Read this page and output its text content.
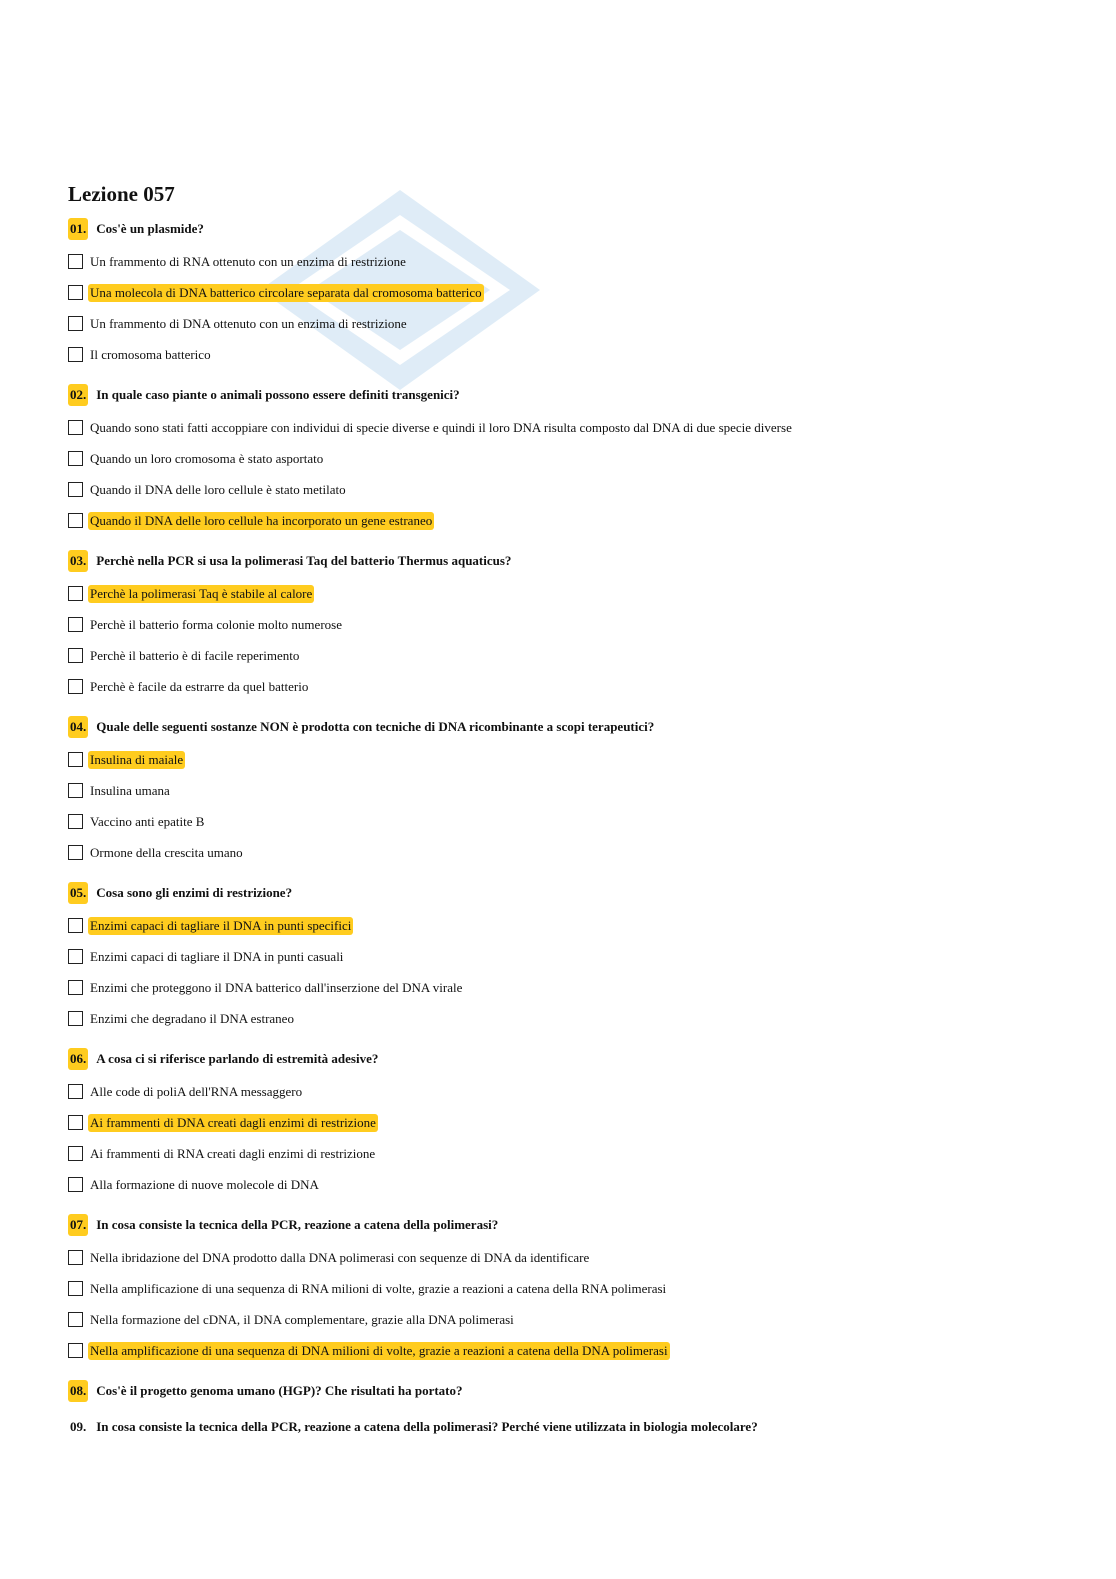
Lezione 057
01. Cos'è un plasmide?
Un frammento di RNA ottenuto con un enzima di restrizione
Una molecola di DNA batterico circolare separata dal cromosoma batterico
Un frammento di DNA ottenuto con un enzima di restrizione
Il cromosoma batterico
02. In quale caso piante o animali possono essere definiti transgenici?
Quando sono stati fatti accoppiare con individui di specie diverse e quindi il loro DNA risulta composto dal DNA di due specie diverse
Quando un loro cromosoma è stato asportato
Quando il DNA delle loro cellule è stato metilato
Quando il DNA delle loro cellule ha incorporato un gene estraneo
03. Perchè nella PCR si usa la polimerasi Taq del batterio Thermus aquaticus?
Perchè la polimerasi Taq è stabile al calore
Perchè il batterio forma colonie molto numerose
Perchè il batterio è di facile reperimento
Perchè è facile da estrarre da quel batterio
04. Quale delle seguenti sostanze NON è prodotta con tecniche di DNA ricombinante a scopi terapeutici?
Insulina di maiale
Insulina umana
Vaccino anti epatite B
Ormone della crescita umano
05. Cosa sono gli enzimi di restrizione?
Enzimi capaci di tagliare il DNA in punti specifici
Enzimi capaci di tagliare il DNA in punti casuali
Enzimi che proteggono il DNA batterico dall'inserzione del DNA virale
Enzimi che degradano il DNA estraneo
06. A cosa ci si riferisce parlando di estremità adesive?
Alle code di poliA dell'RNA messaggero
Ai frammenti di DNA creati dagli enzimi di restrizione
Ai frammenti di RNA creati dagli enzimi di restrizione
Alla formazione di nuove molecole di DNA
07. In cosa consiste la tecnica della PCR, reazione a catena della polimerasi?
Nella ibridazione del DNA prodotto dalla DNA polimerasi con sequenze di DNA da identificare
Nella amplificazione di una sequenza di RNA milioni di volte, grazie a reazioni a catena della RNA polimerasi
Nella formazione del cDNA, il DNA complementare, grazie alla DNA polimerasi
Nella amplificazione di una sequenza di DNA milioni di volte, grazie a reazioni a catena della DNA polimerasi
08. Cos'è il progetto genoma umano (HGP)? Che risultati ha portato?
09. In cosa consiste la tecnica della PCR, reazione a catena della polimerasi? Perché viene utilizzata in biologia molecolare?
